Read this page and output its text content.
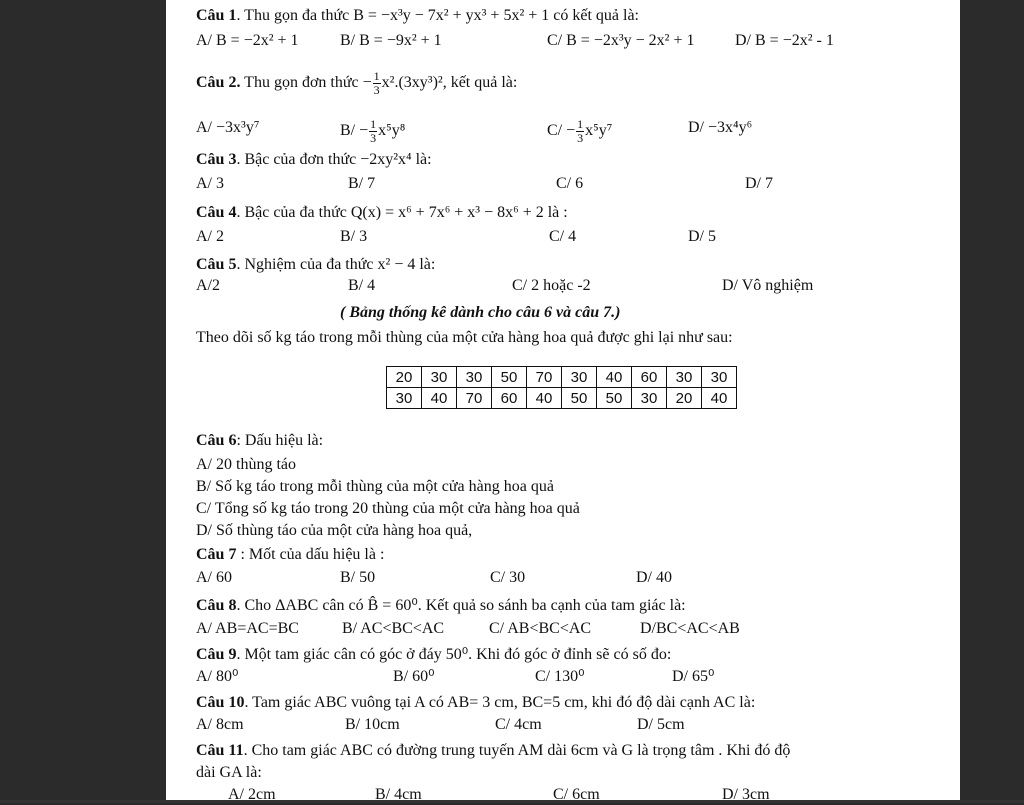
Câu 1. Thu gọn đa thức B = −x³y − 7x² + yx³ + 5x² + 1 có kết quả là:
A/ B = −2x² + 1	B/ B = −9x² + 1	C/ B = −2x³y − 2x² + 1	D/ B = −2x² - 1
Câu 2. Thu gọn đơn thức − $\frac{1}{3} x^2.(3xy^3)^2$, kết quả là:
A/ −3x³y⁷	$B/ - \frac{1}{3} x^5y^8$	$C/ - \frac{1}{3} x^5y^7$	D/ −3x⁴y⁶
Câu 3. Bậc của đơn thức −2xy²x⁴ là:
A/ 3	B/ 7	C/ 6	D/ 7
Câu 4. Bậc của đa thức Q(x) = x⁶ + 7x⁶ + x³ − 8x⁶ + 2 là :
A/ 2	B/ 3	C/ 4	D/ 5
Câu 5. Nghiệm của đa thức x² − 4 là:
A/2	B/ 4	C/ 2 hoặc -2	D/ Vô nghiệm
( Bảng thống kê dành cho câu 6 và câu 7.)
Theo dõi số kg táo trong mỗi thùng của một cửa hàng hoa quả được ghi lại như sau:
20	30	30	50	70	30	40	60	30	30
30	40	70	60	40	50	50	30	20	40
Câu 6: Dấu hiệu là:
A/ 20 thùng táo
B/ Số kg táo trong mỗi thùng của một cửa hàng hoa quả
C/ Tổng số kg táo trong 20 thùng của một cửa hàng hoa quả
D/ Số thùng táo của một cửa hàng hoa quả,
Câu 7 : Mốt của dấu hiệu là :
A/ 60	B/ 50	C/ 30	D/ 40
Câu 8. Cho ΔABC cân có B̂ = 60⁰. Kết quả so sánh ba cạnh của tam giác là:
A/ AB=AC=BC	B/ AC<BC<AC	C/ AB<BC<AC	D/BC<AC<AB
Câu 9. Một tam giác cân có góc ở đáy 50⁰. Khi đó góc ở đỉnh sẽ có số đo:
A/ 80⁰	B/ 60⁰	C/ 130⁰	D/ 65⁰
Câu 10. Tam giác ABC vuông tại A có AB= 3 cm, BC=5 cm, khi đó độ dài cạnh AC là:
A/ 8cm	B/ 10cm	C/ 4cm	D/ 5cm
Câu 11. Cho tam giác ABC có đường trung tuyến AM dài 6cm và G là trọng tâm . Khi đó độ
dài GA là:
A/ 2cm	B/ 4cm	C/ 6cm	D/ 3cm
